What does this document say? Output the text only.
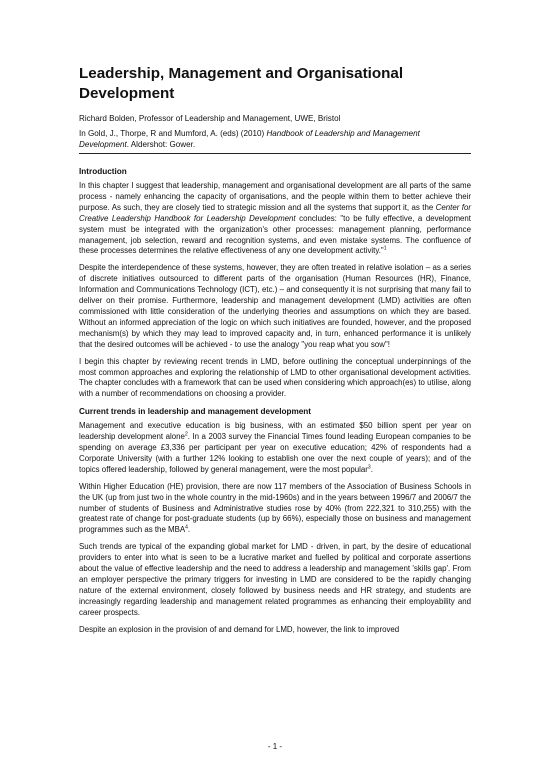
Leadership, Management and Organisational Development

Richard Bolden, Professor of Leadership and Management, UWE, Bristol

In Gold, J., Thorpe, R and Mumford, A. (eds) (2010) Handbook of Leadership and Management Development. Aldershot: Gower.

Introduction

In this chapter I suggest that leadership, management and organisational development are all parts of the same process - namely enhancing the capacity of organisations, and the people within them to better achieve their purpose. As such, they are closely tied to strategic mission and all the systems that support it, as the Center for Creative Leadership Handbook for Leadership Development concludes: "to be fully effective, a development system must be integrated with the organization's other processes: management planning, performance management, job selection, reward and recognition systems, and even mistake systems. The confluence of these processes determines the relative effectiveness of any one development activity."$^1$

Despite the interdependence of these systems, however, they are often treated in relative isolation – as a series of discrete initiatives outsourced to different parts of the organisation (Human Resources (HR), Finance, Information and Communications Technology (ICT), etc.) – and consequently it is not surprising that many fail to deliver on their promise. Furthermore, leadership and management development (LMD) activities are often commissioned with little consideration of the underlying theories and assumptions on which they are based. Without an informed appreciation of the logic on which such initiatives are founded, however, and the proposed mechanism(s) by which they may lead to improved capacity and, in turn, enhanced performance it is unlikely that the desired outcomes will be achieved - to use the analogy "you reap what you sow"!

I begin this chapter by reviewing recent trends in LMD, before outlining the conceptual underpinnings of the most common approaches and exploring the relationship of LMD to other organisational development activities. The chapter concludes with a framework that can be used when considering which approach(es) to utilise, along with a number of recommendations on choosing a provider.

Current trends in leadership and management development

Management and executive education is big business, with an estimated $50 billion spent per year on leadership development alone$^2$. In a 2003 survey the Financial Times found leading European companies to be spending on average £3,336 per participant per year on executive education; 42% of respondents had a Corporate University (with a further 12% looking to establish one over the next couple of years); and of the topics offered leadership, followed by general management, were the most popular$^3$.

Within Higher Education (HE) provision, there are now 117 members of the Association of Business Schools in the UK (up from just two in the whole country in the mid-1960s) and in the years between 1996/7 and 2006/7 the number of students of Business and Administrative studies rose by 40% (from 222,321 to 310,255) with the greatest rate of change for post-graduate students (up by 66%), especially those on business and management programmes such as the MBA$^4$.

Such trends are typical of the expanding global market for LMD - driven, in part, by the desire of educational providers to enter into what is seen to be a lucrative market and fuelled by political and corporate assertions about the value of effective leadership and the need to address a leadership and management 'skills gap'. From an employer perspective the primary triggers for investing in LMD are considered to be the rapidly changing nature of the external environment, closely followed by business needs and HR strategy, and students are increasingly regarding leadership and management related programmes as enhancing their employability and career prospects.

Despite an explosion in the provision of and demand for LMD, however, the link to improved

- 1 -
